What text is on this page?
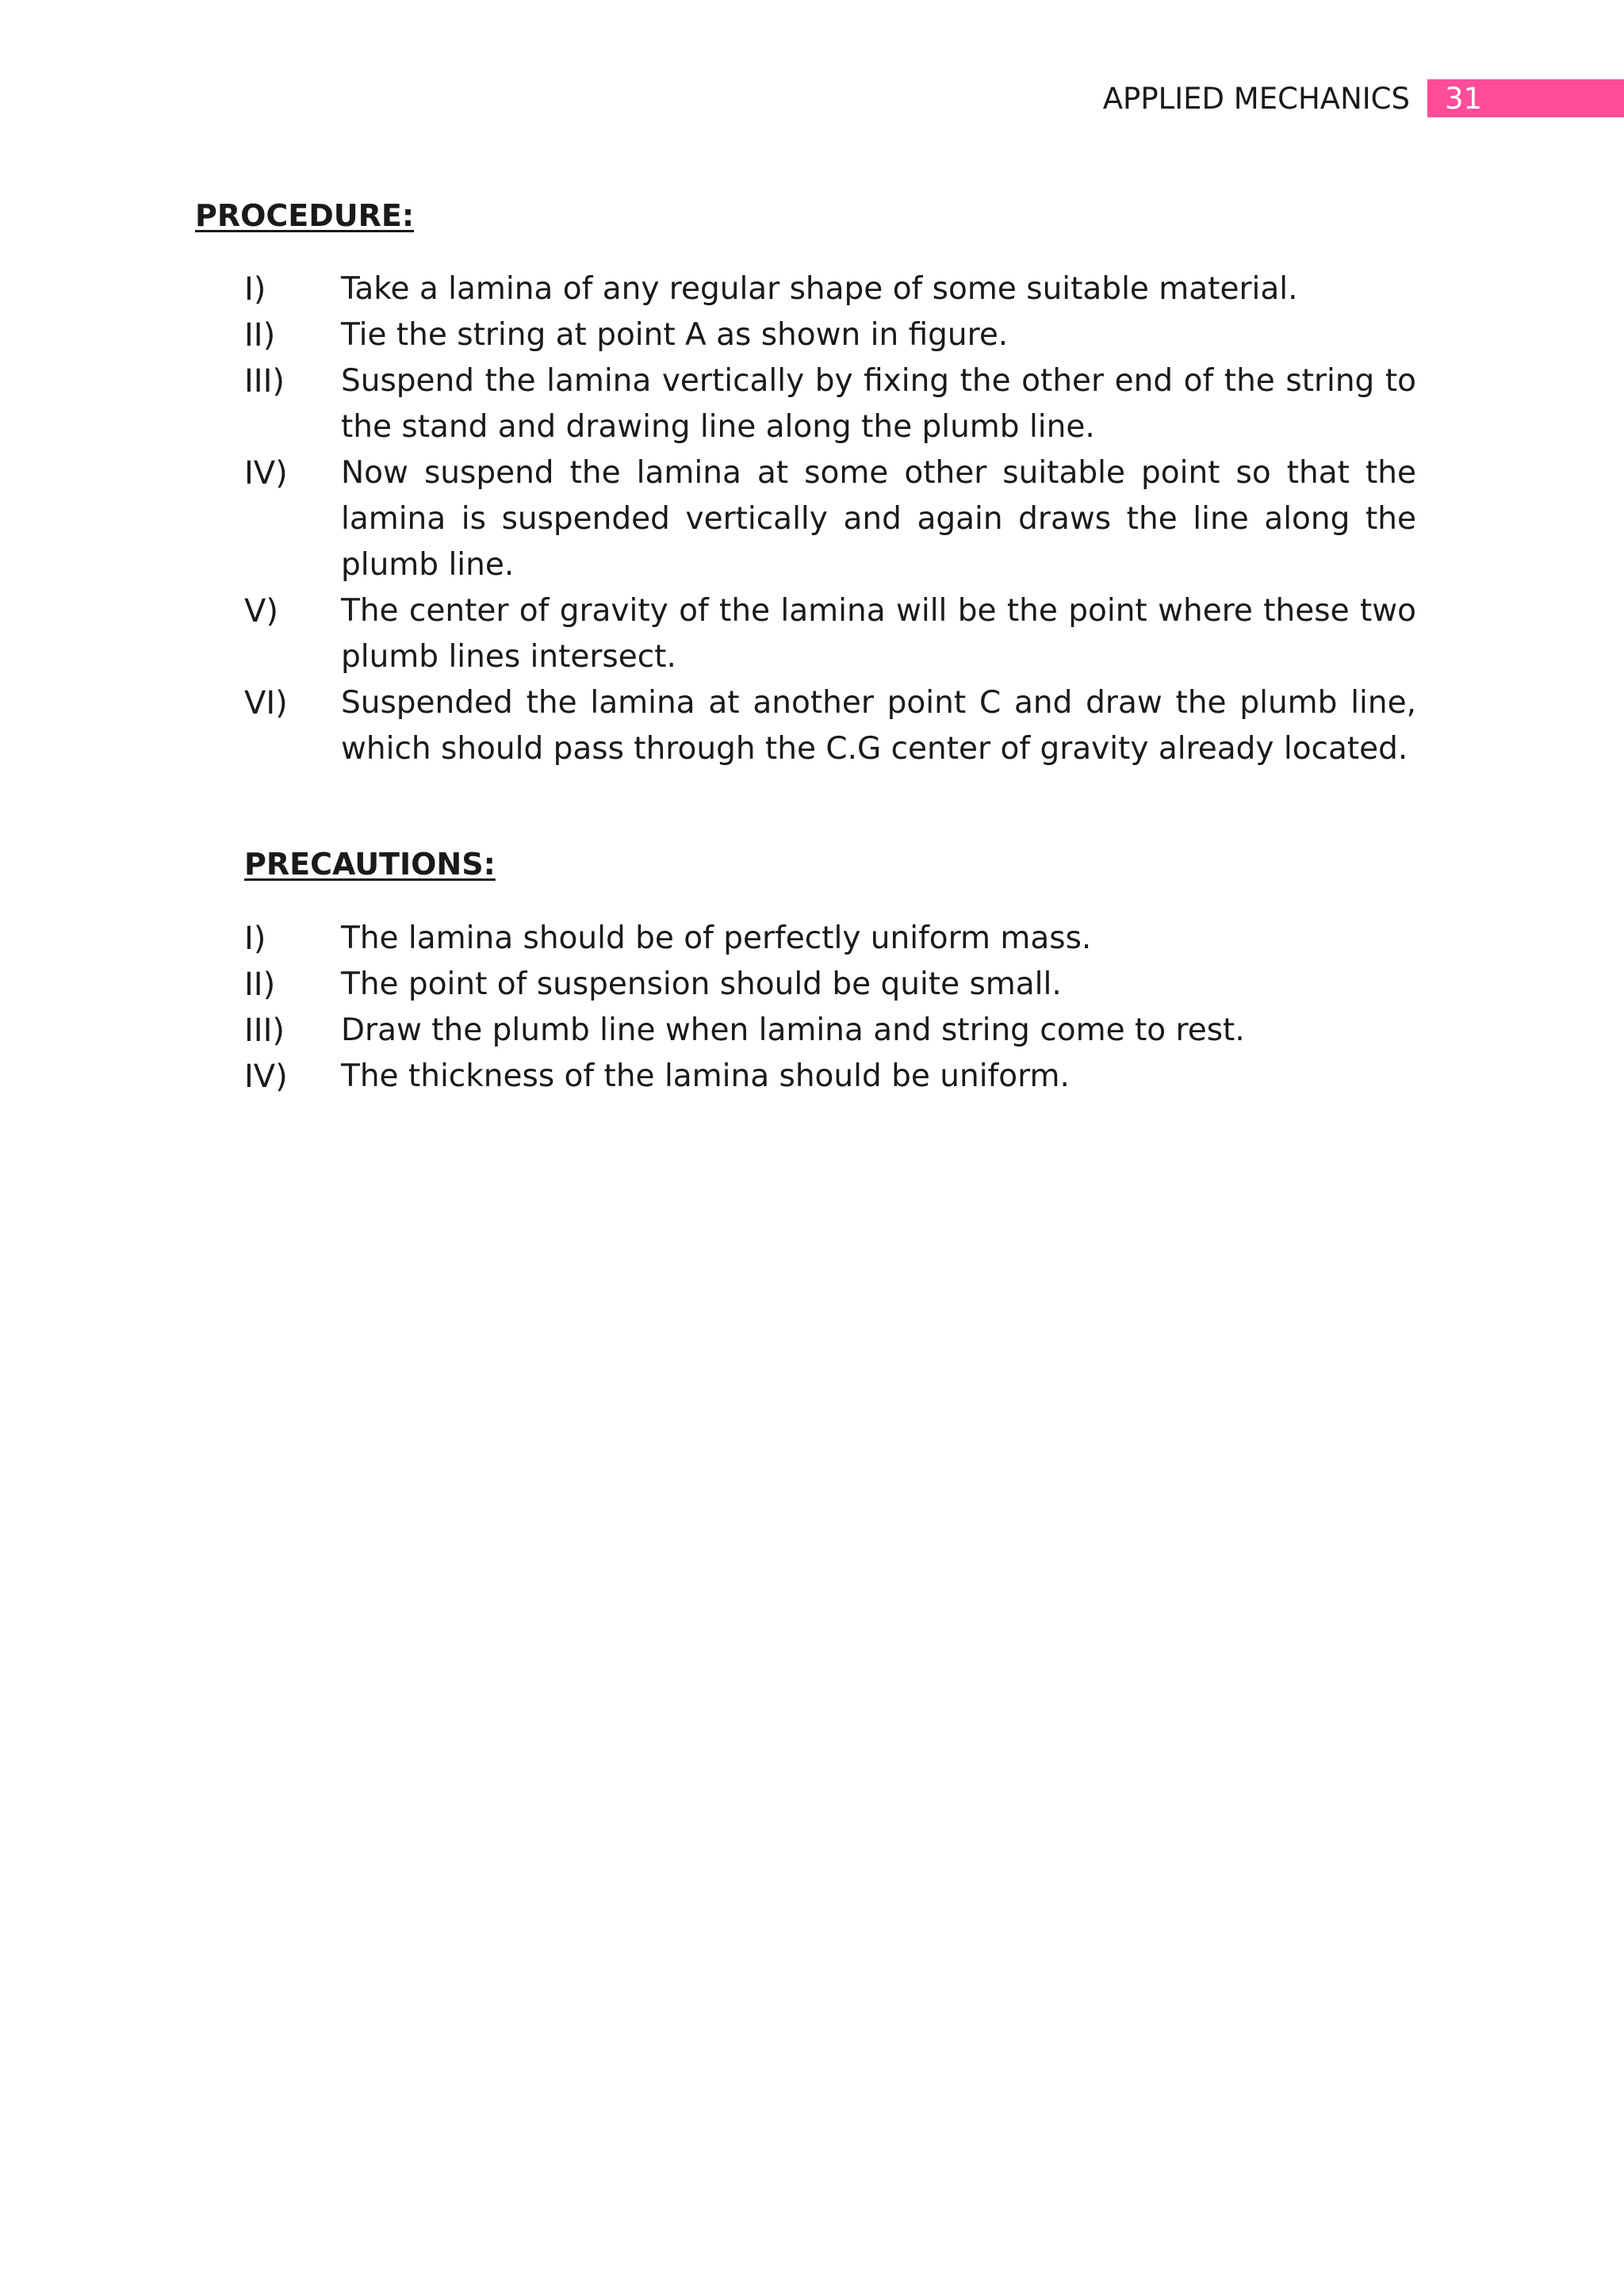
APPLIED MECHANICS	31
PROCEDURE:
I)	Take a lamina of any regular shape of some suitable material.
II)	Tie the string at point A as shown in figure.
III)	Suspend the lamina vertically by fixing the other end of the string to the stand and drawing line along the plumb line.
IV)	Now suspend the lamina at some other suitable point so that the lamina is suspended vertically and again draws the line along the plumb line.
V)	The center of gravity of the lamina will be the point where these two plumb lines intersect.
VI)	Suspended the lamina at another point C and draw the plumb line, which should pass through the C.G center of gravity already located.
PRECAUTIONS:
I)	The lamina should be of perfectly uniform mass.
II)	The point of suspension should be quite small.
III)	Draw the plumb line when lamina and string come to rest.
IV)	The thickness of the lamina should be uniform.
